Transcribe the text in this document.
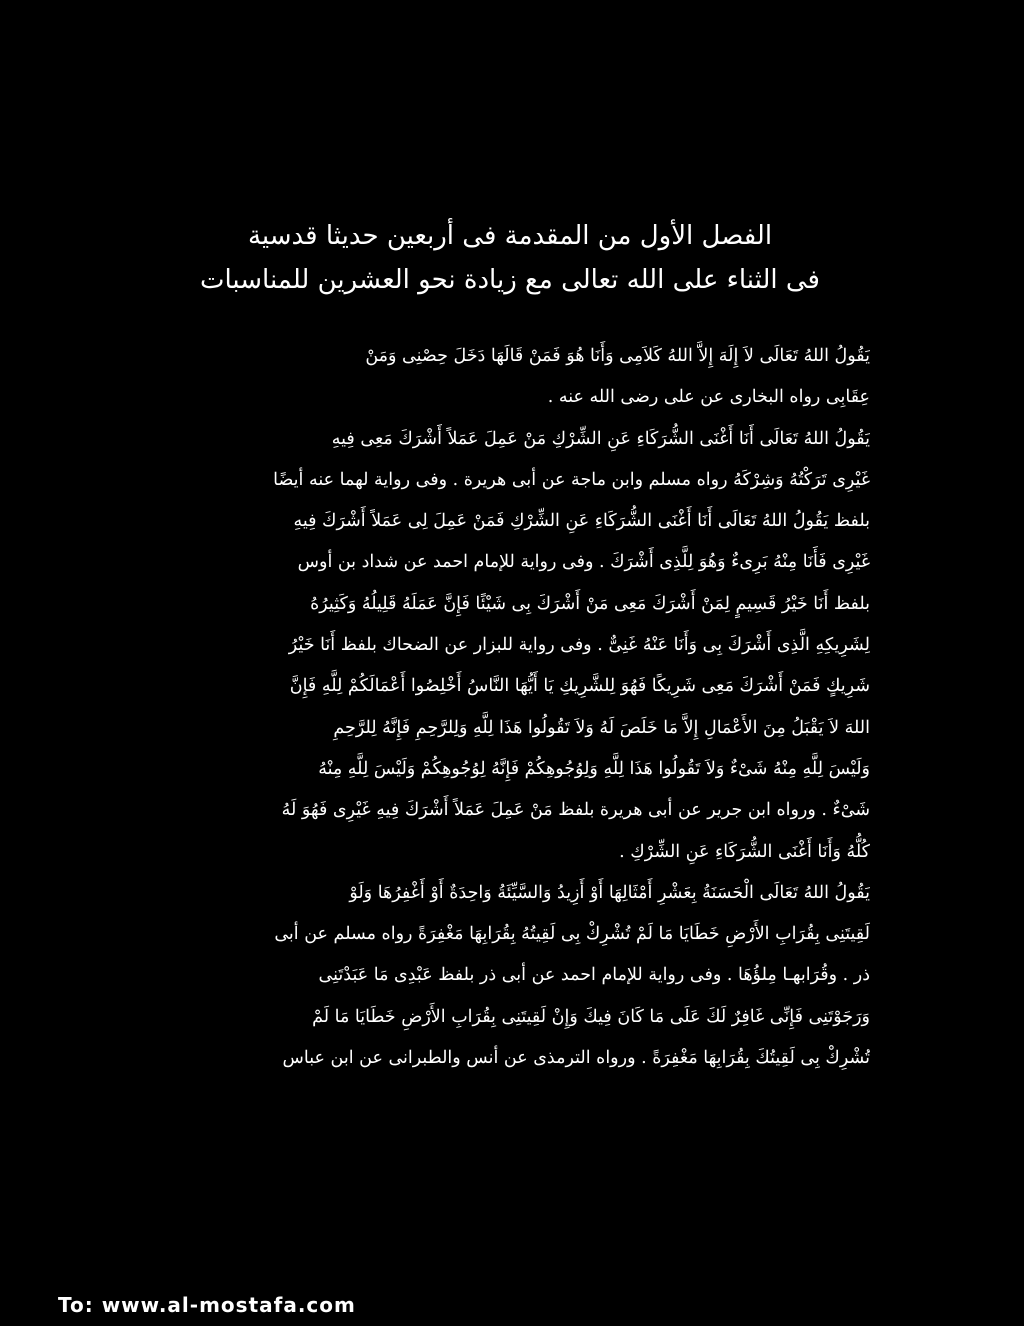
الفصل الأول من المقدمة فى أربعين حديثا قدسية
فى الثناء على الله تعالى مع زيادة نحو العشرين للمناسبات
يَقُولُ اللهُ تَعَالَى لاَ إِلَهَ إِلاَّ اللهُ كَلاَمِى وَأَنَا هُوَ فَمَنْ قَالَهَا دَخَلَ حِصْنِى وَمَنْ
عِقَابِى رواه البخارى عن على رضى الله عنه .
يَقُولُ اللهُ تَعَالَى أَنَا أَغْنَى الشُّرَكَاءِ عَنِ الشِّرْكِ مَنْ عَمِلَ عَمَلاً أَشْرَكَ مَعِى فِيهِ
غَيْرِى تَرَكْتُهُ وَشِرْكَهُ رواه مسلم وابن ماجة عن أبى هريرة . وفى رواية لهما عنه أيضًا
بلفظ يَقُولُ اللهُ تَعَالَى أَنَا أَغْنَى الشُّرَكَاءِ عَنِ الشِّرْكِ فَمَنْ عَمِلَ لِى عَمَلاً أَشْرَكَ فِيهِ
غَيْرِى فَأَنَا مِنْهُ بَرِىءٌ وَهُوَ لِلَّذِى أَشْرَكَ . وفى رواية للإمام احمد عن شداد بن أوس
بلفظ أَنَا خَيْرُ قَسِيمٍ لِمَنْ أَشْرَكَ مَعِى مَنْ أَشْرَكَ بِى شَيْئًا فَإِنَّ عَمَلَهُ قَلِيلُهُ وَكَثِيرُهُ
لِشَرِيكِهِ الَّذِى أَشْرَكَ بِى وَأَنَا عَنْهُ غَنِىٌّ . وفى رواية للبزار عن الضحاك بلفظ أَنَا خَيْرُ
شَرِيكٍ فَمَنْ أَشْرَكَ مَعِى شَرِيكًا فَهُوَ لِلشَّرِيكِ يَا أَيُّهَا النَّاسُ أَخْلِصُوا أَعْمَالَكُمْ لِلَّهِ فَإِنَّ
اللهَ لاَ يَقْبَلُ مِنَ الأَعْمَالِ إِلاَّ مَا خَلَصَ لَهُ وَلاَ تَقُولُوا هَذَا لِلَّهِ وَلِلرَّحِمِ فَإِنَّهُ لِلرَّحِمِ
وَلَيْسَ لِلَّهِ مِنْهُ شَىْءٌ وَلاَ تَقُولُوا هَذَا لِلَّهِ وَلِوُجُوهِكُمْ فَإِنَّهُ لِوُجُوهِكُمْ وَلَيْسَ لِلَّهِ مِنْهُ
شَىْءٌ . ورواه ابن جرير عن أبى هريرة بلفظ مَنْ عَمِلَ عَمَلاً أَشْرَكَ فِيهِ غَيْرِى فَهُوَ لَهُ
كُلُّهُ وَأَنَا أَغْنَى الشُّرَكَاءِ عَنِ الشِّرْكِ .
يَقُولُ اللهُ تَعَالَى الْحَسَنَةُ بِعَشْرِ أَمْثَالِهَا أَوْ أَزِيدُ وَالسَّيِّئَةُ وَاحِدَةٌ أَوْ أَغْفِرُهَا وَلَوْ
لَقِيتَنِى بِقُرَابِ الأَرْضِ خَطَايَا مَا لَمْ تُشْرِكْ بِى لَقِيتُهُ بِقُرَابِهَا مَغْفِرَةً رواه مسلم عن أبى
ذر . وقُرَابهـا مِلؤُهَا . وفى رواية للإمام احمد عن أبى ذر بلفظ عَبْدِى مَا عَبَدْتَنِى
وَرَجَوْتَنِى فَإِنِّى غَافِرٌ لَكَ عَلَى مَا كَانَ فِيكَ وَإِنْ لَقِيتَنِى بِقُرَابِ الأَرْضِ خَطَايَا مَا لَمْ
تُشْرِكْ بِى لَقِيتُكَ بِقُرَابِهَا مَغْفِرَةً . ورواه الترمذى عن أنس والطبرانى عن ابن عباس
To: www.al-mostafa.com
